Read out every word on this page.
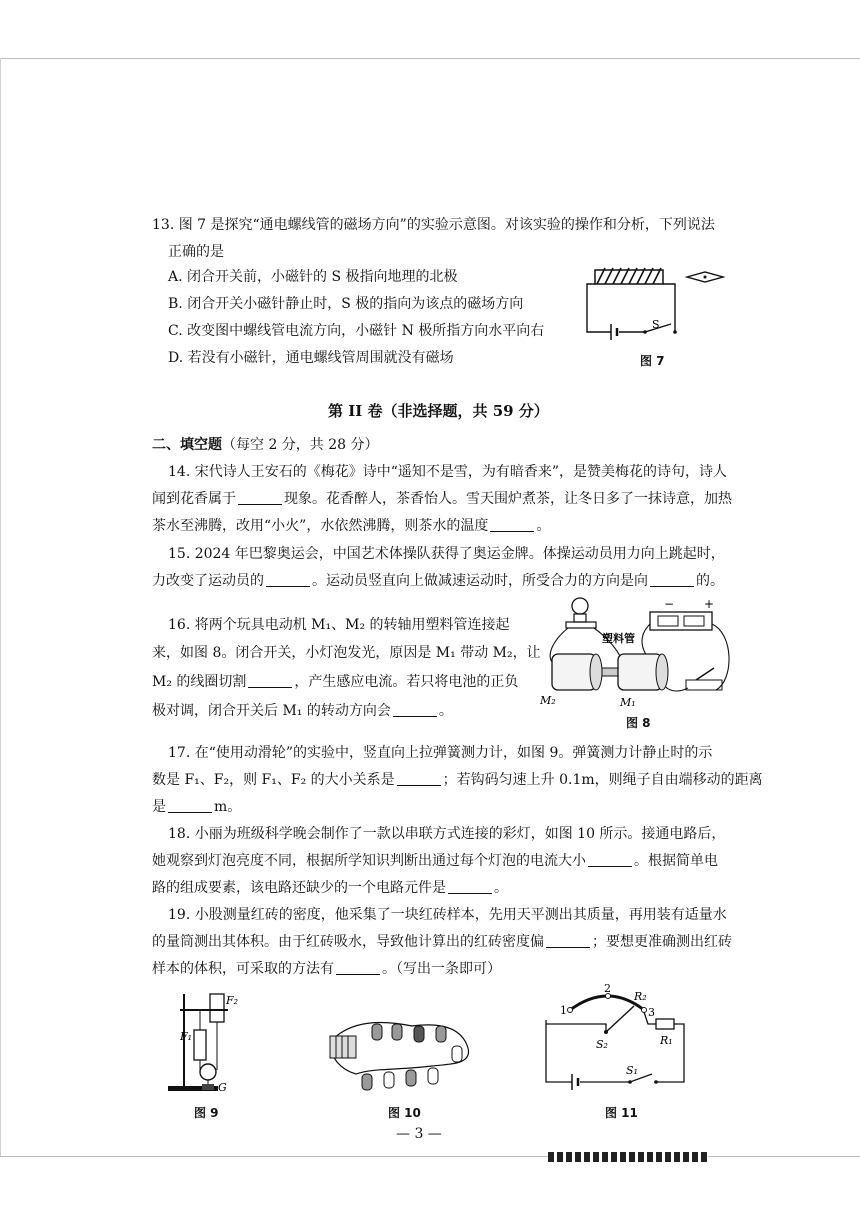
13. 图 7 是探究“通电螺线管的磁场方向”的实验示意图。对该实验的操作和分析，下列说法
正确的是
A. 闭合开关前，小磁针的 S 极指向地理的北极
B. 闭合开关小磁针静止时，S 极的指向为该点的磁场方向
C. 改变图中螺线管电流方向，小磁针 N 极所指方向水平向右
D. 若没有小磁针，通电螺线管周围就没有磁场
S
图 7
第 II 卷（非选择题，共 59 分）
二、填空题（每空 2 分，共 28 分）
14. 宋代诗人王安石的《梅花》诗中“遥知不是雪，为有暗香来”，是赞美梅花的诗句，诗人
闻到花香属于	现象。花香醉人，茶香怡人。雪天围炉煮茶，让冬日多了一抹诗意，加热
茶水至沸腾，改用“小火”，水依然沸腾，则茶水的温度	。
15. 2024 年巴黎奥运会，中国艺术体操队获得了奥运金牌。体操运动员用力向上跳起时，
力改变了运动员的	。运动员竖直向上做减速运动时，所受合力的方向是向	的。
16. 将两个玩具电动机 M₁、M₂ 的转轴用塑料管连接起
来，如图 8。闭合开关，小灯泡发光，原因是 M₁ 带动 M₂，让
M₂ 的线圈切割	，产生感应电流。若只将电池的正负
极对调，闭合开关后 M₁ 的转动方向会	。
− +
塑料管
M₂	M₁
图 8
17. 在“使用动滑轮”的实验中，竖直向上拉弹簧测力计，如图 9。弹簧测力计静止时的示
数是 F₁、F₂，则 F₁、F₂ 的大小关系是	；若钩码匀速上升 0.1m，则绳子自由端移动的距离
是	m。
18. 小丽为班级科学晚会制作了一款以串联方式连接的彩灯，如图 10 所示。接通电路后，
她观察到灯泡亮度不同，根据所学知识判断出通过每个灯泡的电流大小	。根据简单电
路的组成要素，该电路还缺少的一个电路元件是	。
19. 小股测量红砖的密度，他采集了一块红砖样本，先用天平测出其质量，再用装有适量水
的量筒测出其体积。由于红砖吸水，导致他计算出的红砖密度偏	；要想更准确测出红砖
样本的体积，可采取的方法有	。（写出一条即可）
F₂
F₁
G
图 9	图 10
1
2
3
R₂
R₁
S₂
S₁
图 11
— 3 —
